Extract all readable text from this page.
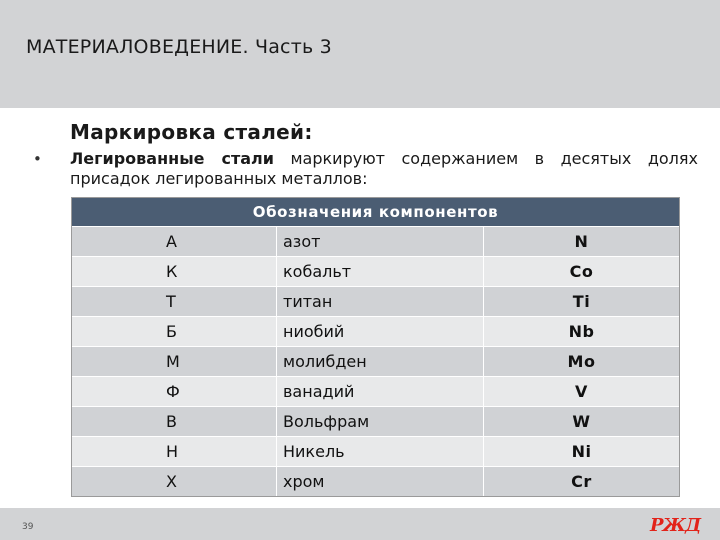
МАТЕРИАЛОВЕДЕНИЕ. Часть 3
Маркировка сталей:
• Легированные стали маркируют содержанием в десятых долях присадок легированных металлов:
Обозначения компонентов
А	азот	N
К	кобальт	Co
Т	титан	Ti
Б	ниобий	Nb
М	молибден	Mo
Ф	ванадий	V
В	Вольфрам	W
Н	Никель	Ni
Х	хром	Cr
39	РЖД
